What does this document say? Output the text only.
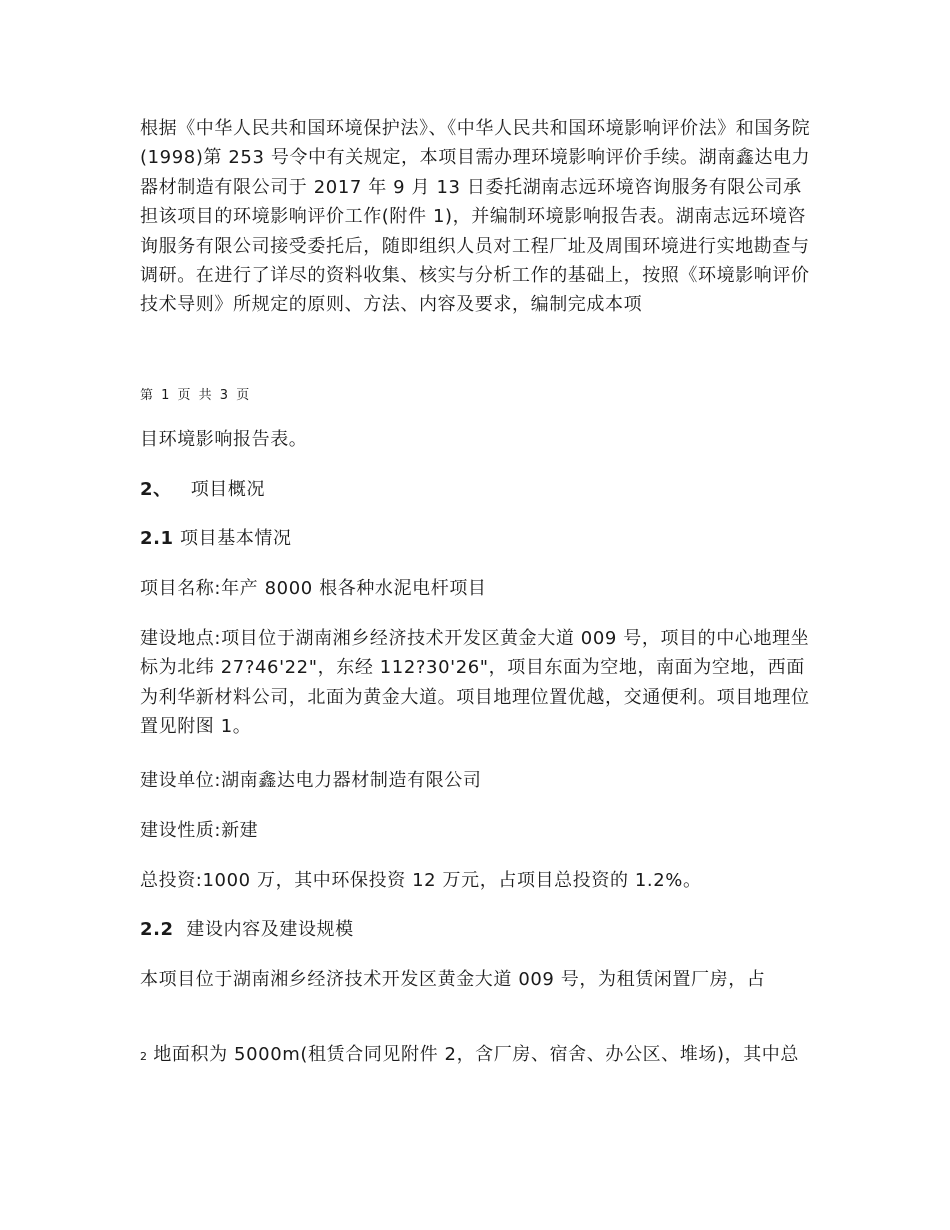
根据《中华人民共和国环境保护法》、《中华人民共和国环境影响评价法》和国务院(1998)第 253 号令中有关规定，本项目需办理环境影响评价手续。湖南鑫达电力器材制造有限公司于 2017 年 9 月 13 日委托湖南志远环境咨询服务有限公司承担该项目的环境影响评价工作(附件 1)，并编制环境影响报告表。湖南志远环境咨询服务有限公司接受委托后，随即组织人员对工程厂址及周围环境进行实地勘查与调研。在进行了详尽的资料收集、核实与分析工作的基础上，按照《环境影响评价技术导则》所规定的原则、方法、内容及要求，编制完成本项

第 1 页 共 3 页

目环境影响报告表。

2、 项目概况

2.1 项目基本情况

项目名称:年产 8000 根各种水泥电杆项目

建设地点:项目位于湖南湘乡经济技术开发区黄金大道 009 号，项目的中心地理坐标为北纬 27?46'22"，东经 112?30'26"，项目东面为空地，南面为空地，西面为利华新材料公司，北面为黄金大道。项目地理位置优越，交通便利。项目地理位置见附图 1。

建设单位:湖南鑫达电力器材制造有限公司

建设性质:新建

总投资:1000 万，其中环保投资 12 万元，占项目总投资的 1.2%。

2.2 建设内容及建设规模

本项目位于湖南湘乡经济技术开发区黄金大道 009 号，为租赁闲置厂房，占

2 地面积为 5000m(租赁合同见附件 2，含厂房、宿舍、办公区、堆场)，其中总
